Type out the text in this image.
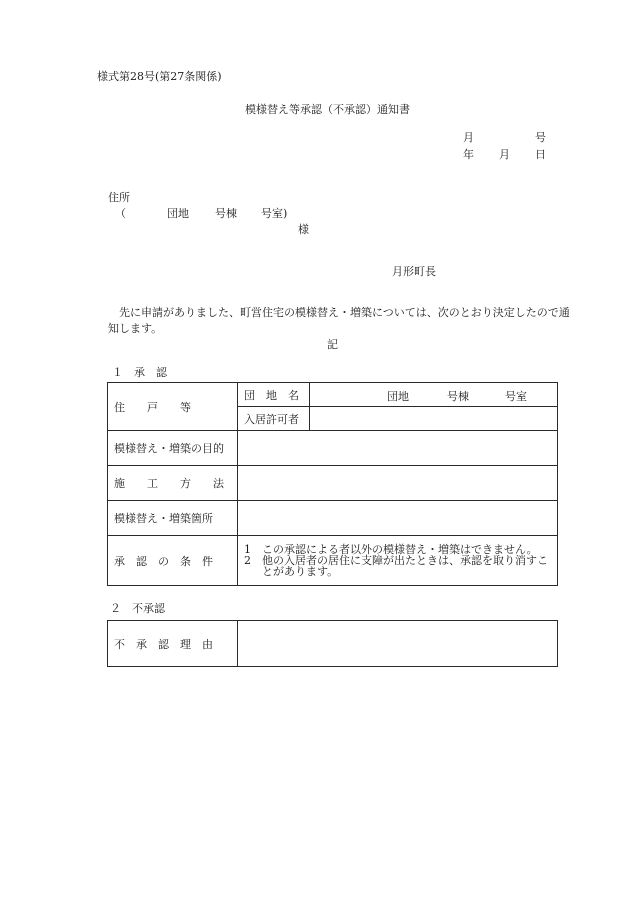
様式第28号(第27条関係)
模様替え等承認（不承認）通知書
月	号
年 月 日
住所
（	団地 号棟 号室)
様
月形町長
先に申請がありました、町営住宅の模様替え・増築については、次のとおり決定したので通知します。
記
１　承　認
住　　戸　　等	団　地　名	団地 号棟 号室

	入居許可者	
模様替え・増築の目的		
施　　工　　方　　法		
模様替え・増築箇所		
承　認　の　条　件	1 この承認による者以外の模様替え・増築はできません。
2 他の入居者の居住に支障が出たときは、承認を取り消すことがあります。	
２　不承認
不　承　認　理　由	
